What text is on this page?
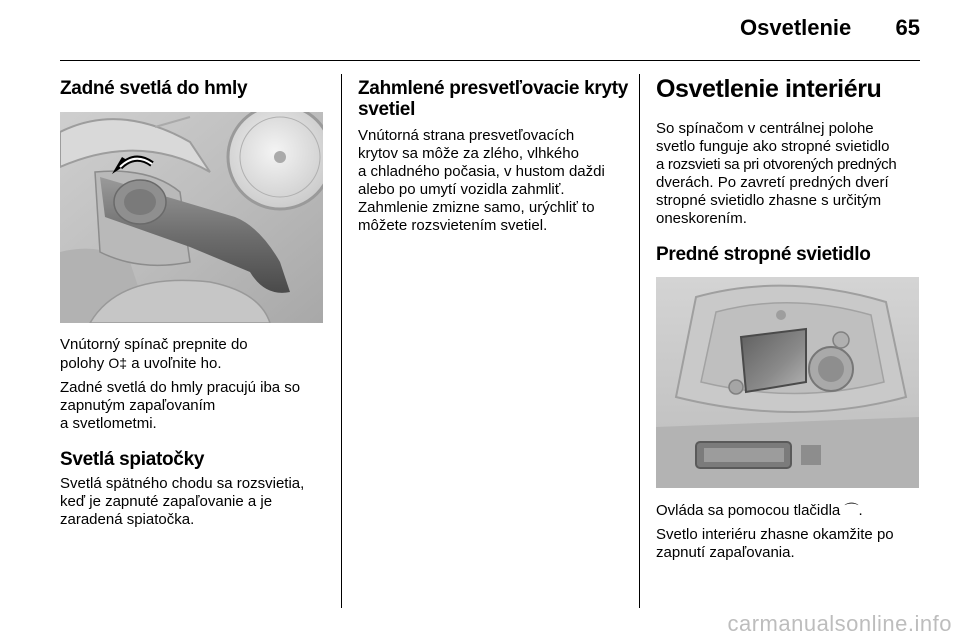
Osvetlenie	65
Zadné svetlá do hmly

Vnútorný spínač prepnite do

polohy O‡ a uvoľnite ho.

Zadné svetlá do hmly pracujú iba so

zapnutým zapaľovaním

a svetlometmi.

Svetlá spiatočky

Svetlá spätného chodu sa rozsvietia,

keď je zapnuté zapaľovanie a je

zaradená spiatočka.

Zahmlené presvetľovacie kryty
svetiel

Vnútorná strana presvetľovacích

krytov sa môže za zlého, vlhkého

a chladného počasia, v hustom daždi

alebo po umytí vozidla zahmliť.

Zahmlenie zmizne samo, urýchliť to

môžete rozsvietením svetiel.

Osvetlenie interiéru

So spínačom v centrálnej polohe

svetlo funguje ako stropné svietidlo

a rozsvieti sa pri otvorených predných

dverách. Po zavretí predných dverí

stropné svietidlo zhasne s určitým

oneskorením.

Predné stropné svietidlo

Ovláda sa pomocou tlačidla ⌒.

Svetlo interiéru zhasne okamžite po

zapnutí zapaľovania.

carmanualsonline.info
